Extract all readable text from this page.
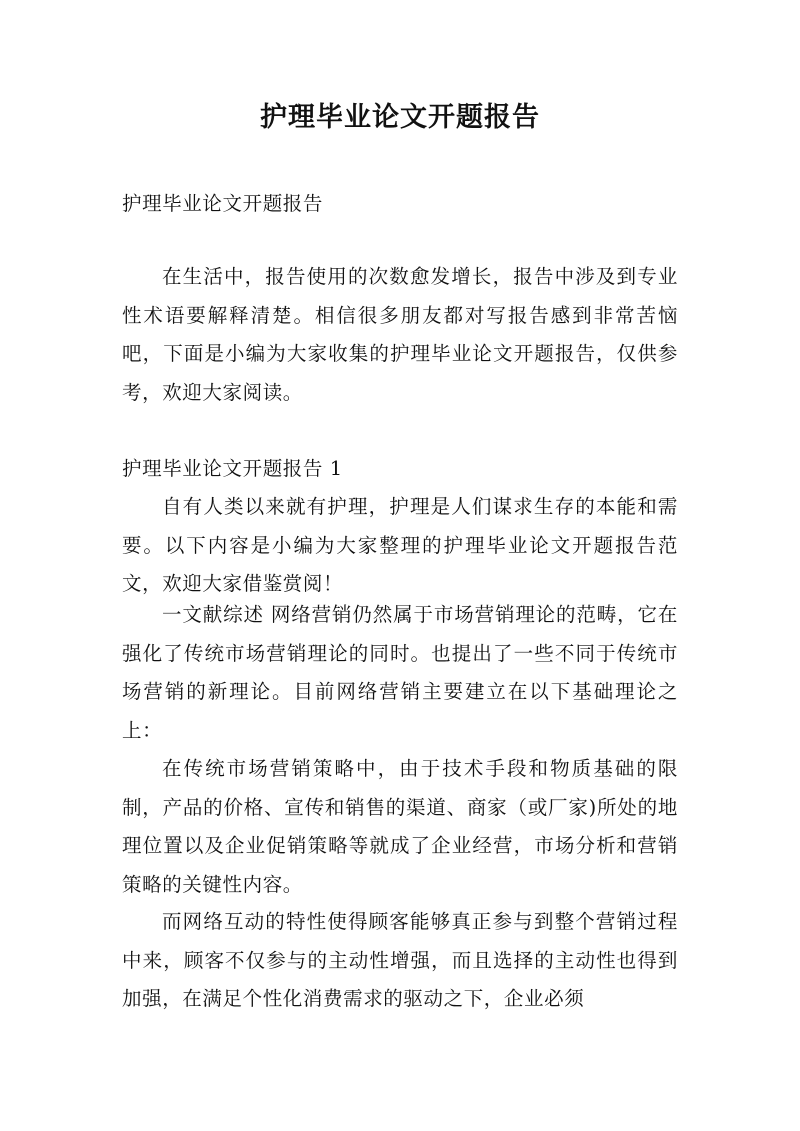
护理毕业论文开题报告

护理毕业论文开题报告

在生活中，报告使用的次数愈发增长，报告中涉及到专业性术语要解释清楚。相信很多朋友都对写报告感到非常苦恼吧，下面是小编为大家收集的护理毕业论文开题报告，仅供参考，欢迎大家阅读。

护理毕业论文开题报告 1

自有人类以来就有护理，护理是人们谋求生存的本能和需要。以下内容是小编为大家整理的护理毕业论文开题报告范文，欢迎大家借鉴赏阅！

一文献综述 网络营销仍然属于市场营销理论的范畴，它在强化了传统市场营销理论的同时。也提出了一些不同于传统市场营销的新理论。目前网络营销主要建立在以下基础理论之上：

在传统市场营销策略中，由于技术手段和物质基础的限制，产品的价格、宣传和销售的渠道、商家（或厂家)所处的地理位置以及企业促销策略等就成了企业经营，市场分析和营销策略的关键性内容。

而网络互动的特性使得顾客能够真正参与到整个营销过程中来，顾客不仅参与的主动性增强，而且选择的主动性也得到加强，在满足个性化消费需求的驱动之下，企业必须
